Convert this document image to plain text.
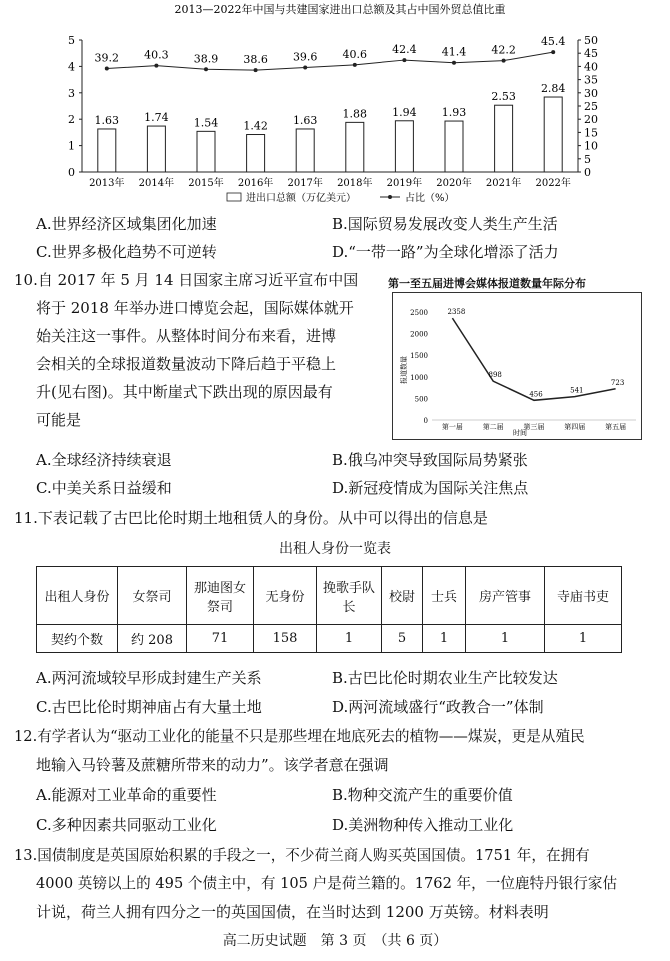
2013—2022年中国与共建国家进出口总额及其占中国外贸总值比重
0
1
2
3
4
5
0
5
10
15
20
25
30
35
40
45
50
2013年 2014年 2015年 2016年 2017年 2018年 2019年 2020年 2021年 2022年
1.63 1.74 1.54 1.42 1.63
1.88 1.94 1.93
2.53
2.84
39.2 40.3 38.9 38.6 39.6 40.6 42.4 41.4 42.2
45.4
进出口总额（万亿美元）	占比（%）
A.世界经济区域集团化加速	B.国际贸易发展改变人类生产生活
C.世界多极化趋势不可逆转	D.“一带一路”为全球化增添了活力
10.自 2017 年 5 月 14 日国家主席习近平宣布中国
将于 2018 年举办进口博览会起，国际媒体就开
始关注这一事件。从整体时间分布来看，进博
会相关的全球报道数量波动下降后趋于平稳上
升(见右图)。其中断崖式下跌出现的原因最有
可能是
第一至五届进博会媒体报道数量年际分布
0
500
1000
1500
2000
2500
第一届	第二届	第三届	第四届	第五届
2358
898
456	541
723
报道数量
时间
A.全球经济持续衰退	B.俄乌冲突导致国际局势紧张
C.中美关系日益缓和	D.新冠疫情成为国际关注焦点
11.下表记载了古巴比伦时期土地租赁人的身份。从中可以得出的信息是
出租人身份一览表
出租人身份	女祭司	那迪图女祭司	无身份	挽歌手队长	校尉	士兵	房产管事	寺庙书吏
契约个数	约 208	71	158	1	5	1	1	1
A.两河流域较早形成封建生产关系	B.古巴比伦时期农业生产比较发达
C.古巴比伦时期神庙占有大量土地	D.两河流域盛行“政教合一”体制
12.有学者认为“驱动工业化的能量不只是那些埋在地底死去的植物——煤炭，更是从殖民
地输入马铃薯及蔗糖所带来的动力”。该学者意在强调
A.能源对工业革命的重要性	B.物种交流产生的重要价值
C.多种因素共同驱动工业化	D.美洲物种传入推动工业化
13.国债制度是英国原始积累的手段之一，不少荷兰商人购买英国国债。1751 年，在拥有
4000 英镑以上的 495 个债主中，有 105 户是荷兰籍的。1762 年，一位鹿特丹银行家估
计说，荷兰人拥有四分之一的英国国债，在当时达到 1200 万英镑。材料表明
高二历史试题　第 3 页　（共 6 页）
